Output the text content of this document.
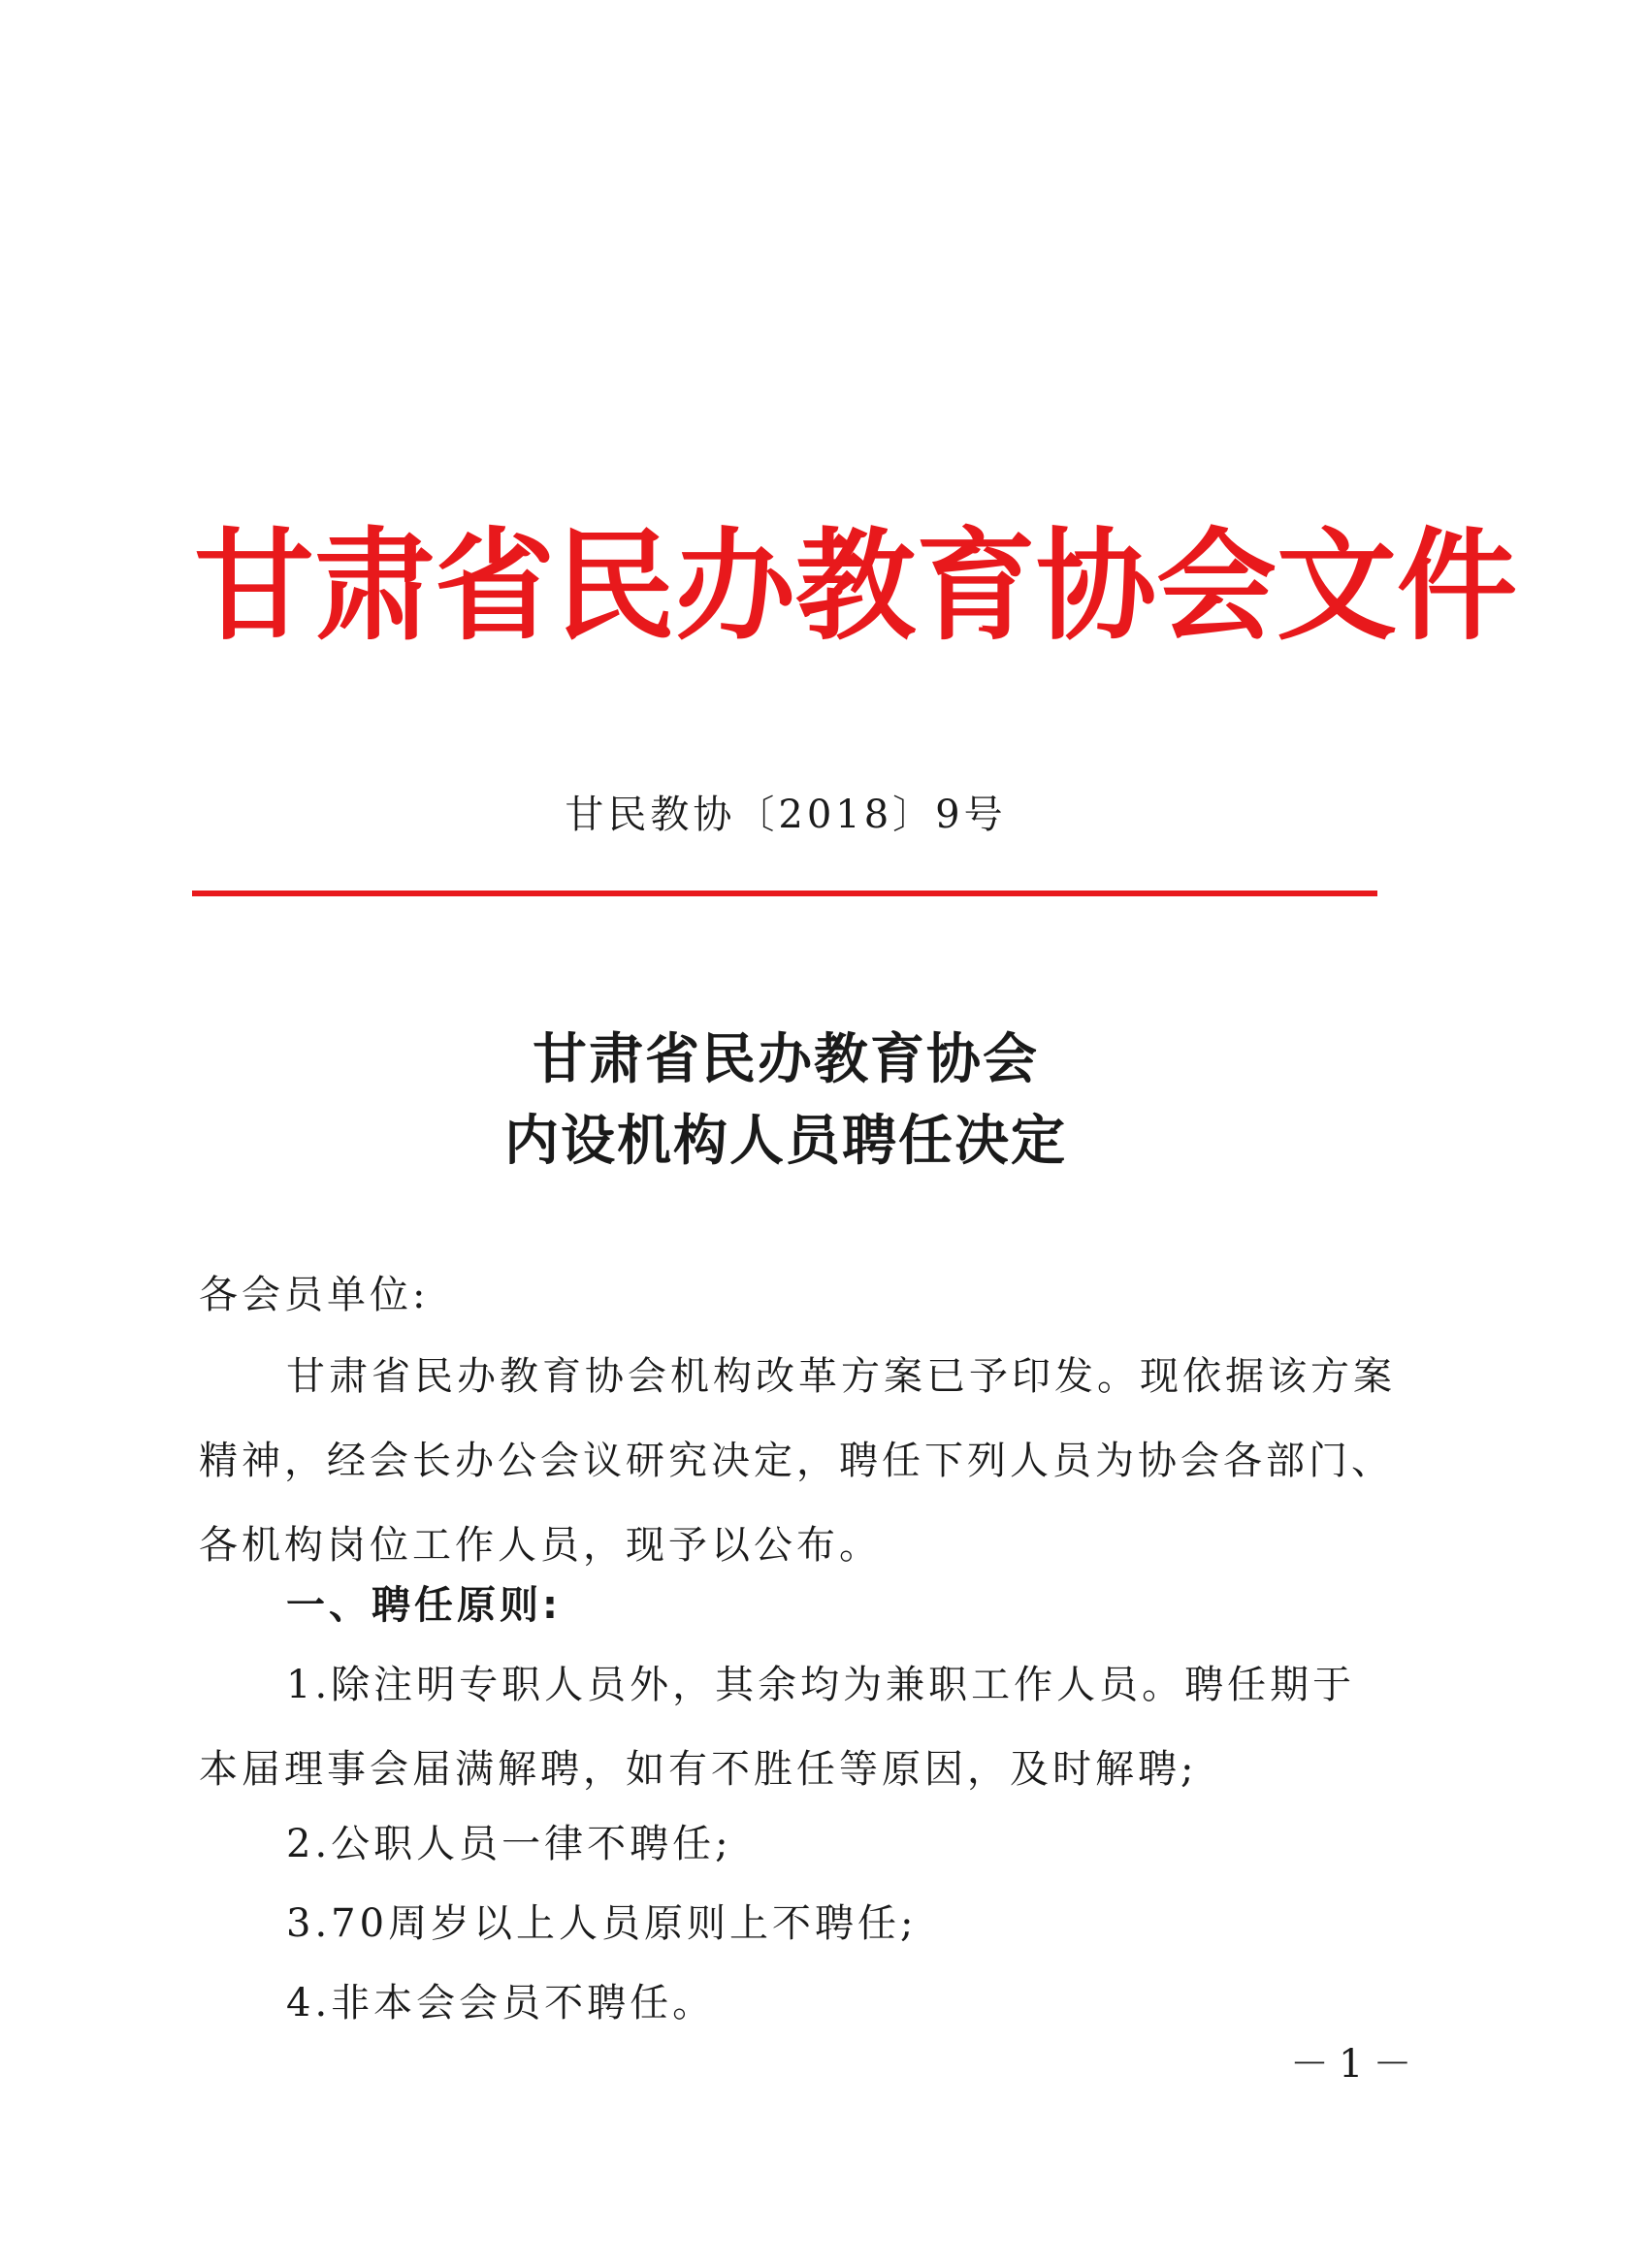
甘肃省民办教育协会文件
甘民教协〔2018〕9号
甘肃省民办教育协会
内设机构人员聘任决定
各会员单位:
甘肃省民办教育协会机构改革方案已予印发。现依据该方案精神，经会长办公会议研究决定，聘任下列人员为协会各部门、各机构岗位工作人员，现予以公布。
一、聘任原则:
1.除注明专职人员外，其余均为兼职工作人员。聘任期于本届理事会届满解聘，如有不胜任等原因，及时解聘;
2.公职人员一律不聘任;
3.70周岁以上人员原则上不聘任;
4.非本会会员不聘任。
－1－
